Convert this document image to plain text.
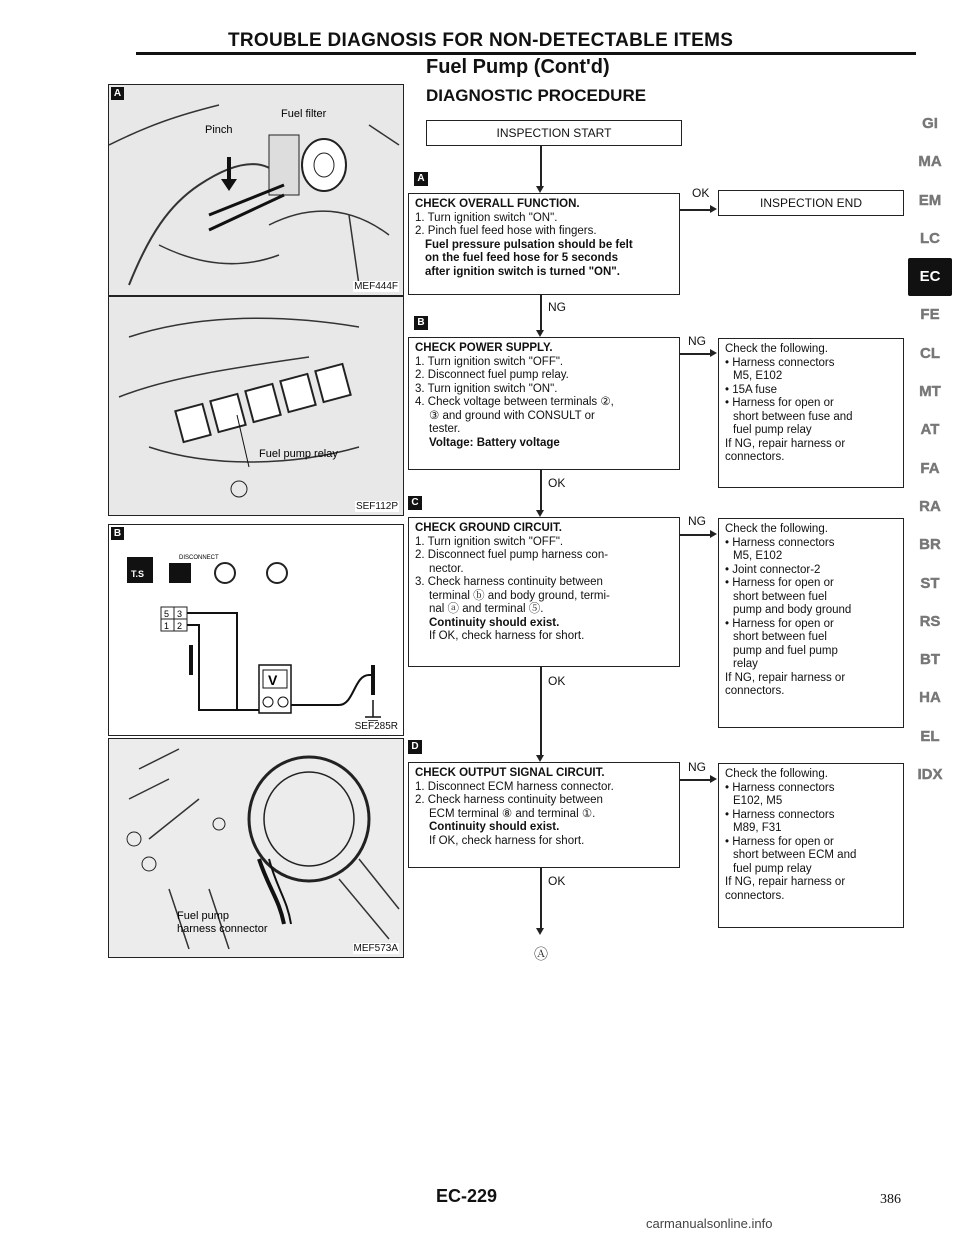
TROUBLE DIAGNOSIS FOR NON-DETECTABLE ITEMS
Fuel Pump (Cont'd)
DIAGNOSTIC PROCEDURE
Pinch
Fuel filter
A
MEF444F
Fuel pump relay
SEF112P
T.S
DISCONNECT
5 3
1 2
V
B
SEF285R
Fuel pump
harness connector
MEF573A
INSPECTION START
A
CHECK OVERALL FUNCTION.
1. Turn ignition switch "ON".
2. Pinch fuel feed hose with fingers.
Fuel pressure pulsation should be felt
on the fuel feed hose for 5 seconds
after ignition switch is turned "ON".
OK
INSPECTION END
NG
B
CHECK POWER SUPPLY.
1. Turn ignition switch "OFF".
2. Disconnect fuel pump relay.
3. Turn ignition switch "ON".
4. Check voltage between terminals ②,
③ and ground with CONSULT or
tester.
Voltage: Battery voltage
NG
Check the following.
• Harness connectors
M5, E102
• 15A fuse
• Harness for open or
short between fuse and
fuel pump relay
If NG, repair harness or
connectors.
OK
C
CHECK GROUND CIRCUIT.
1. Turn ignition switch "OFF".
2. Disconnect fuel pump harness con-
nector.
3. Check harness continuity between
terminal ⓑ and body ground, termi-
nal ⓐ and terminal ⑤.
Continuity should exist.
If OK, check harness for short.
NG
Check the following.
• Harness connectors
M5, E102
• Joint connector-2
• Harness for open or
short between fuel
pump and body ground
• Harness for open or
short between fuel
pump and fuel pump
relay
If NG, repair harness or
connectors.
OK
D
CHECK OUTPUT SIGNAL CIRCUIT.
1. Disconnect ECM harness connector.
2. Check harness continuity between
ECM terminal ⑧ and terminal ①.
Continuity should exist.
If OK, check harness for short.
NG Check the following.
• Harness connectors
E102, M5
• Harness connectors
M89, F31
• Harness for open or
short between ECM and
fuel pump relay
If NG, repair harness or
connectors.
OK
Ⓐ
GI
MA
EM
LC
EC
FE
CL
MT
AT
FA
RA
BR
ST
RS
BT
HA
EL
IDX
EC-229	386
carmanualsonline.info
